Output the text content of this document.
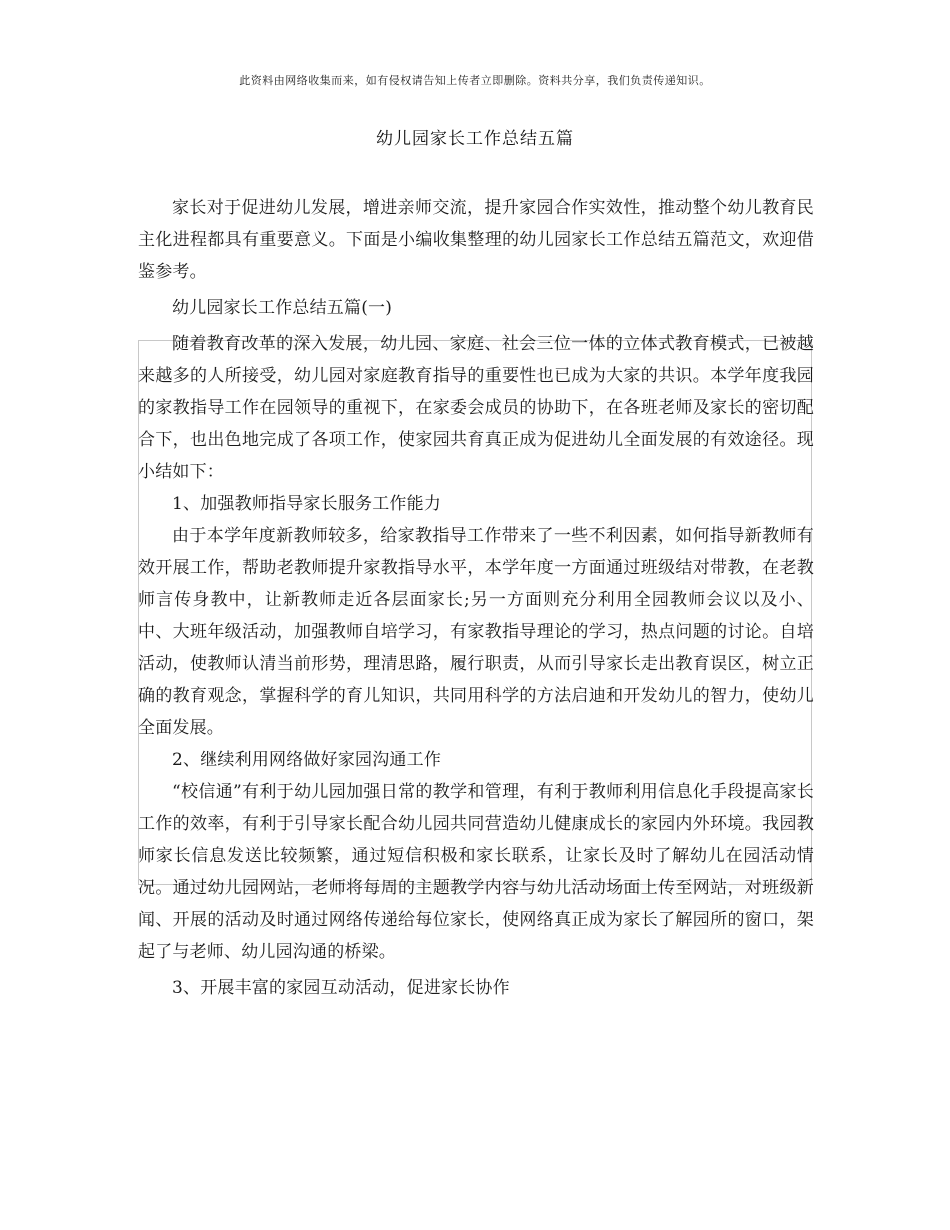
此资料由网络收集而来，如有侵权请告知上传者立即删除。资料共分享，我们负责传递知识。
幼儿园家长工作总结五篇

家长对于促进幼儿发展，增进亲师交流，提升家园合作实效性，推动整个幼儿教育民主化进程都具有重要意义。下面是小编收集整理的幼儿园家长工作总结五篇范文，欢迎借鉴参考。

幼儿园家长工作总结五篇(一)

随着教育改革的深入发展，幼儿园、家庭、社会三位一体的立体式教育模式，已被越来越多的人所接受，幼儿园对家庭教育指导的重要性也已成为大家的共识。本学年度我园的家教指导工作在园领导的重视下，在家委会成员的协助下，在各班老师及家长的密切配合下，也出色地完成了各项工作，使家园共育真正成为促进幼儿全面发展的有效途径。现小结如下：

1、加强教师指导家长服务工作能力

由于本学年度新教师较多，给家教指导工作带来了一些不利因素，如何指导新教师有效开展工作，帮助老教师提升家教指导水平，本学年度一方面通过班级结对带教，在老教师言传身教中，让新教师走近各层面家长;另一方面则充分利用全园教师会议以及小、中、大班年级活动，加强教师自培学习，有家教指导理论的学习，热点问题的讨论。自培活动，使教师认清当前形势，理清思路，履行职责，从而引导家长走出教育误区，树立正确的教育观念，掌握科学的育儿知识，共同用科学的方法启迪和开发幼儿的智力，使幼儿全面发展。

2、继续利用网络做好家园沟通工作

“校信通”有利于幼儿园加强日常的教学和管理，有利于教师利用信息化手段提高家长工作的效率，有利于引导家长配合幼儿园共同营造幼儿健康成长的家园内外环境。我园教师家长信息发送比较频繁，通过短信积极和家长联系，让家长及时了解幼儿在园活动情况。通过幼儿园网站，老师将每周的主题教学内容与幼儿活动场面上传至网站，对班级新闻、开展的活动及时通过网络传递给每位家长，使网络真正成为家长了解园所的窗口，架起了与老师、幼儿园沟通的桥梁。

3、开展丰富的家园互动活动，促进家长协作
